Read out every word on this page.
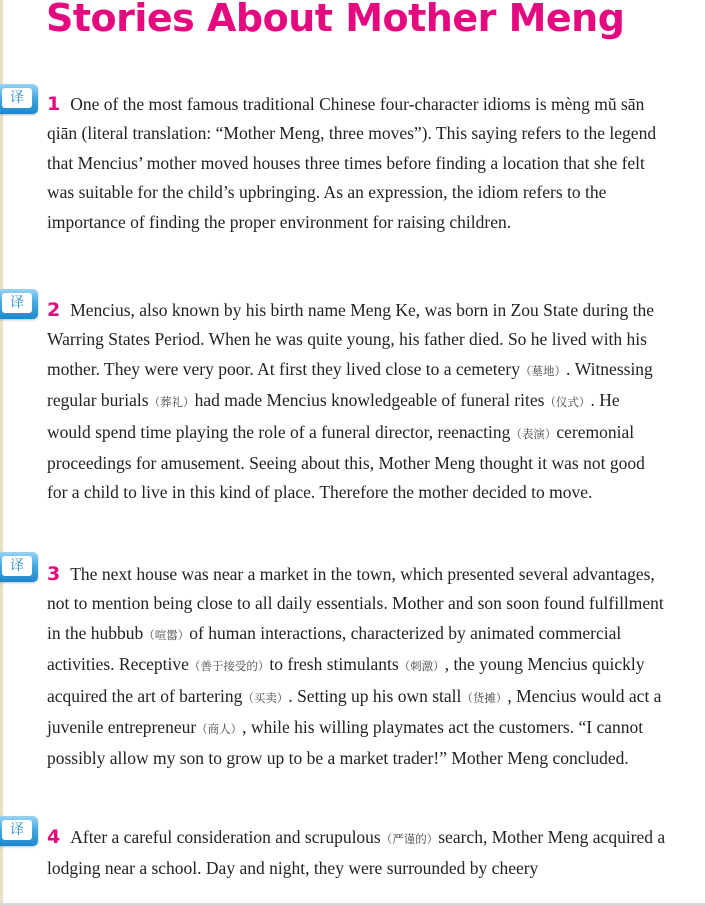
Stories About Mother Meng
译
译
译
译

1 One of the most famous traditional Chinese four-character idioms is mèng mŭ sān qiān (literal translation: “Mother Meng, three moves”). This saying refers to the legend that Mencius’ mother moved houses three times before finding a location that she felt was suitable for the child’s upbringing. As an expression, the idiom refers to the importance of finding the proper environment for raising children.

2 Mencius, also known by his birth name Meng Ke, was born in Zou State during the Warring States Period. When he was quite young, his father died. So he lived with his mother. They were very poor. At first they lived close to a cemetery（墓地）. Witnessing regular burials（葬礼）had made Mencius knowledgeable of funeral rites（仪式）. He would spend time playing the role of a funeral director, reenacting（表演）ceremonial proceedings for amusement. Seeing about this, Mother Meng thought it was not good for a child to live in this kind of place. Therefore the mother decided to move.

3 The next house was near a market in the town, which presented several advantages, not to mention being close to all daily essentials. Mother and son soon found fulfillment in the hubbub（喧嚣）of human interactions, characterized by animated commercial activities. Receptive（善于接受的）to fresh stimulants（刺激）, the young Mencius quickly acquired the art of bartering（买卖）. Setting up his own stall（货摊）, Mencius would act a juvenile entrepreneur（商人）, while his willing playmates act the customers. “I cannot possibly allow my son to grow up to be a market trader!” Mother Meng concluded.

4 After a careful consideration and scrupulous（严谨的）search, Mother Meng acquired a lodging near a school. Day and night, they were surrounded by cheery
